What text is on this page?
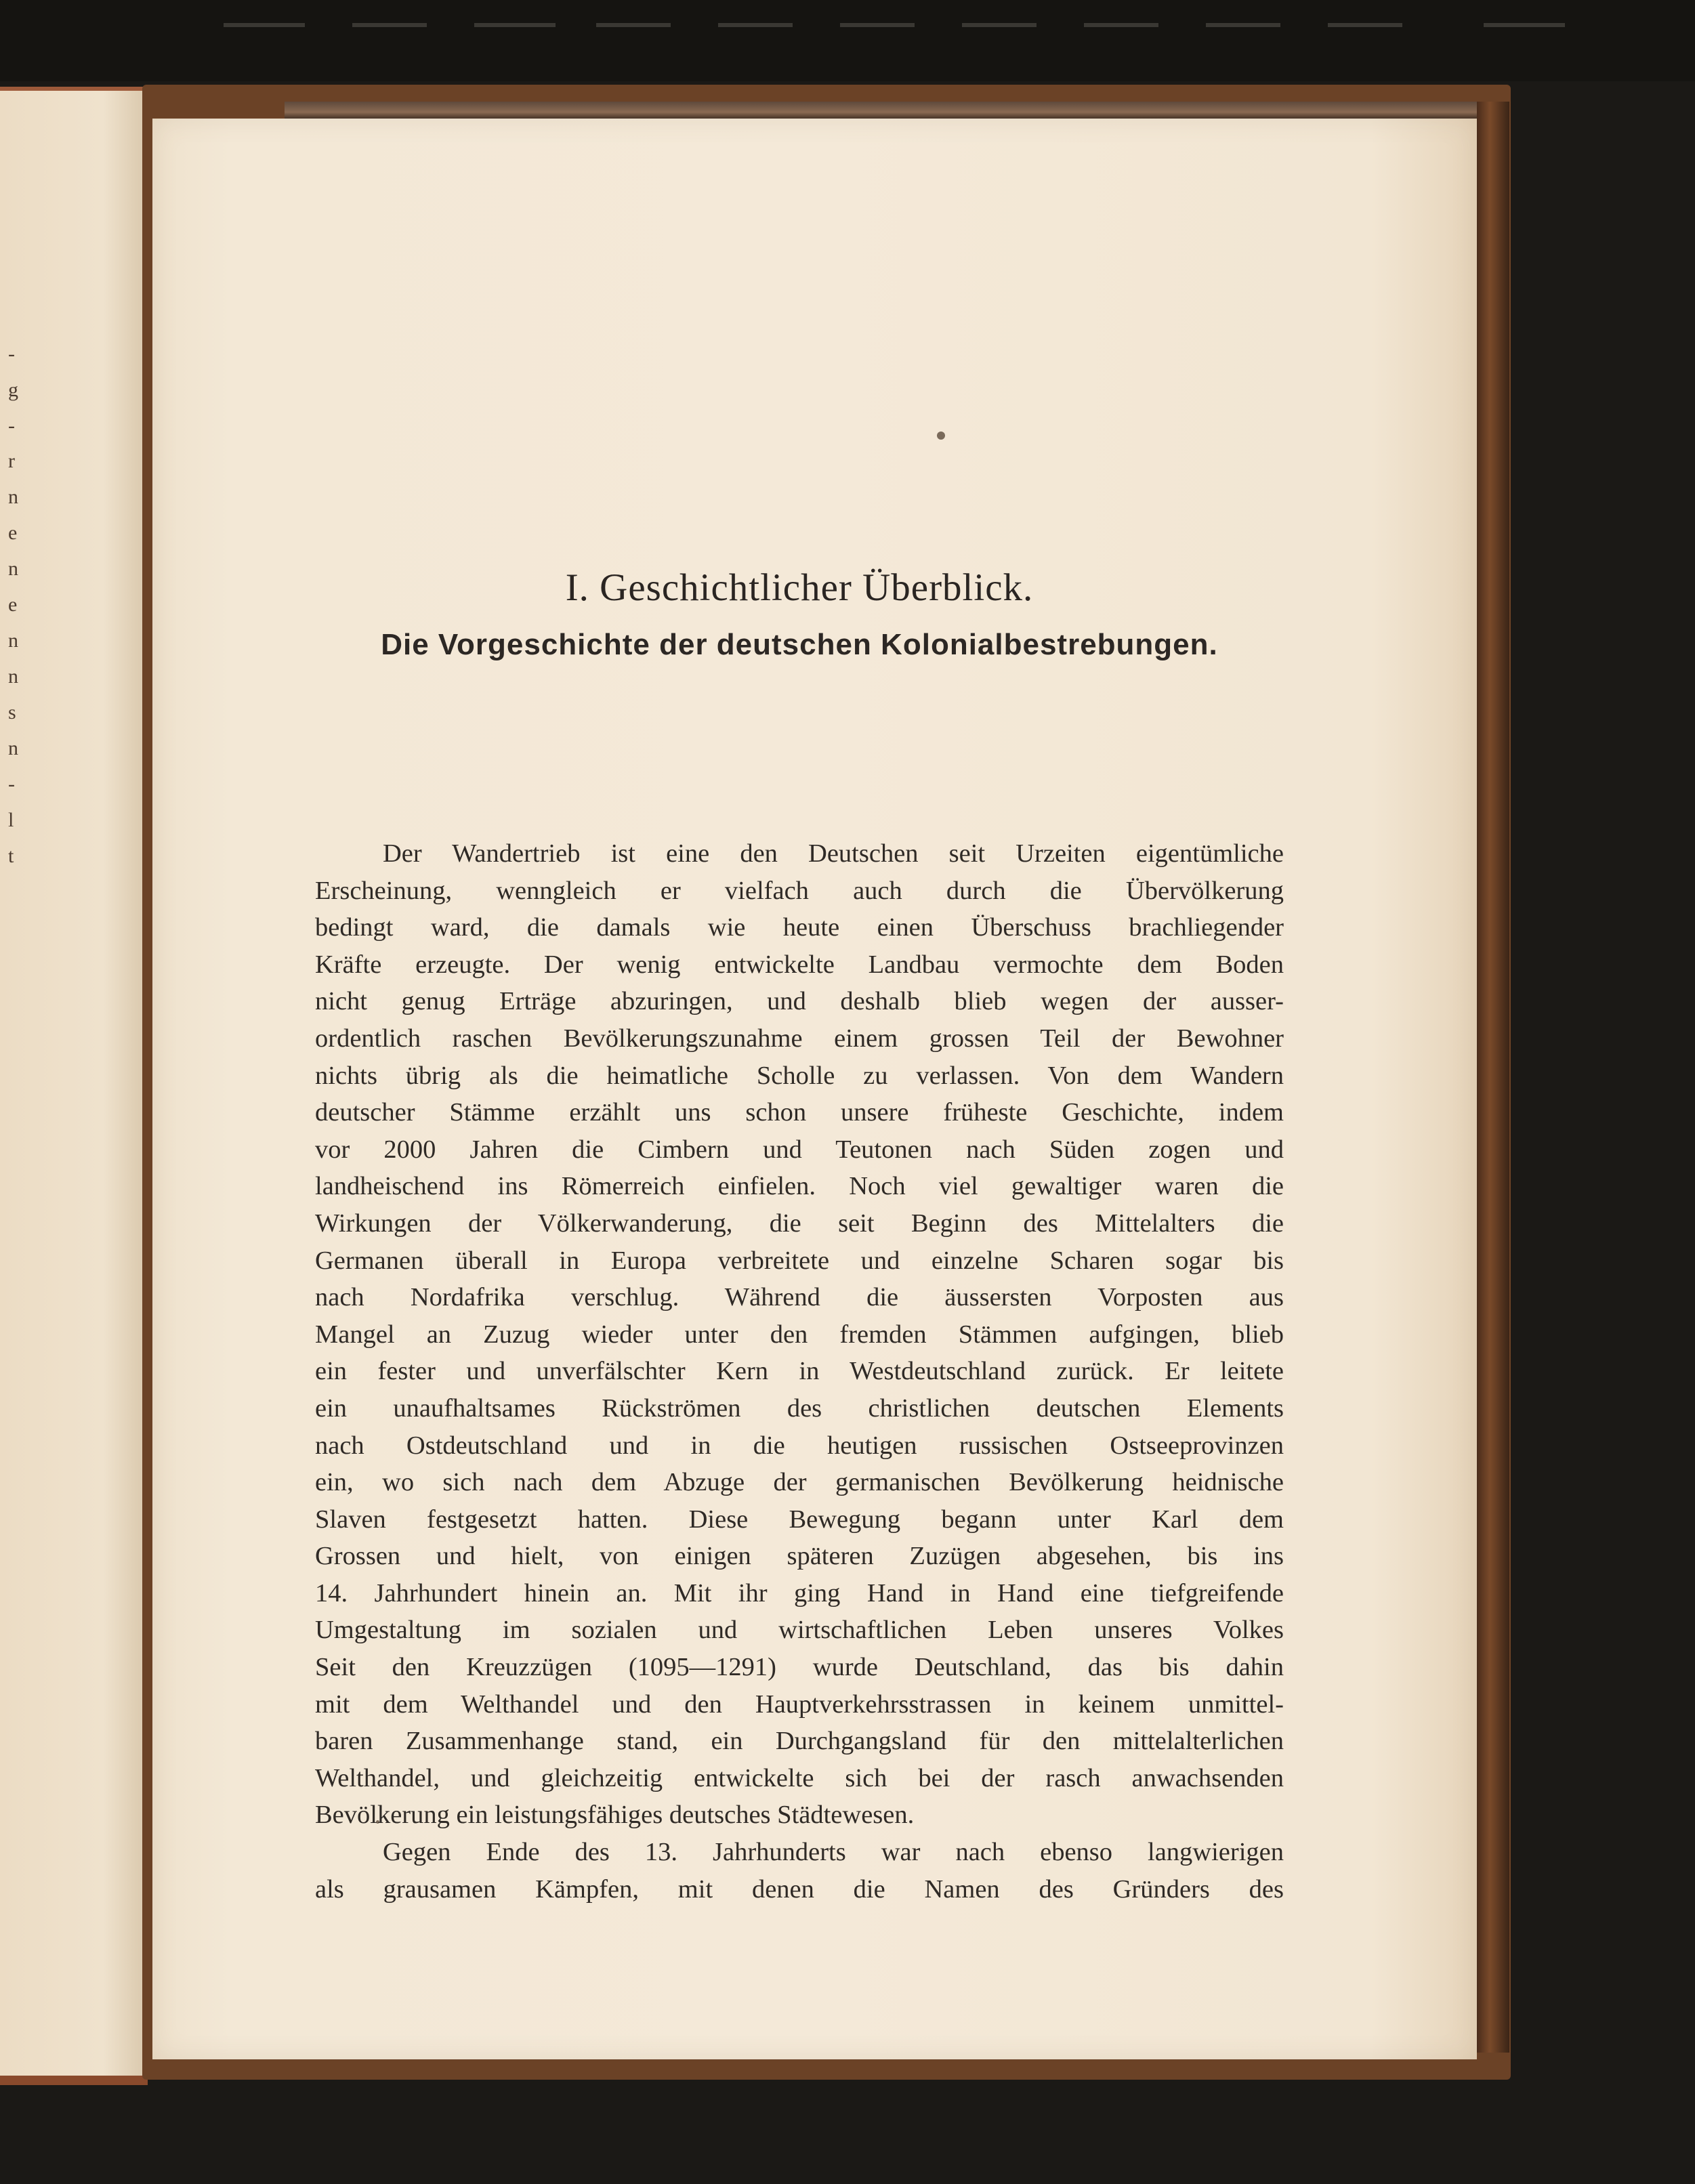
-
g
-
r
n
e
n
e
n
n
s
n
-
l
t
I. Geschichtlicher Überblick.
Die Vorgeschichte der deutschen Kolonialbestrebungen.
Der Wandertrieb ist eine den Deutschen seit Urzeiten eigentümliche
Erscheinung, wenngleich er vielfach auch durch die Übervölkerung
bedingt ward, die damals wie heute einen Überschuss brachliegender
Kräfte erzeugte. Der wenig entwickelte Landbau vermochte dem Boden
nicht genug Erträge abzuringen, und deshalb blieb wegen der ausser-
ordentlich raschen Bevölkerungszunahme einem grossen Teil der Bewohner
nichts übrig als die heimatliche Scholle zu verlassen. Von dem Wandern
deutscher Stämme erzählt uns schon unsere früheste Geschichte, indem
vor 2000 Jahren die Cimbern und Teutonen nach Süden zogen und
landheischend ins Römerreich einfielen. Noch viel gewaltiger waren die
Wirkungen der Völkerwanderung, die seit Beginn des Mittelalters die
Germanen überall in Europa verbreitete und einzelne Scharen sogar bis
nach Nordafrika verschlug. Während die äussersten Vorposten aus
Mangel an Zuzug wieder unter den fremden Stämmen aufgingen, blieb
ein fester und unverfälschter Kern in Westdeutschland zurück. Er leitete
ein unaufhaltsames Rückströmen des christlichen deutschen Elements
nach Ostdeutschland und in die heutigen russischen Ostseeprovinzen
ein, wo sich nach dem Abzuge der germanischen Bevölkerung heidnische
Slaven festgesetzt hatten. Diese Bewegung begann unter Karl dem
Grossen und hielt, von einigen späteren Zuzügen abgesehen, bis ins
14. Jahrhundert hinein an. Mit ihr ging Hand in Hand eine tiefgreifende
Umgestaltung im sozialen und wirtschaftlichen Leben unseres Volkes
Seit den Kreuzzügen (1095—1291) wurde Deutschland, das bis dahin
mit dem Welthandel und den Hauptverkehrsstrassen in keinem unmittel-
baren Zusammenhange stand, ein Durchgangsland für den mittelalterlichen
Welthandel, und gleichzeitig entwickelte sich bei der rasch anwachsenden
Bevölkerung ein leistungsfähiges deutsches Städtewesen.
Gegen Ende des 13. Jahrhunderts war nach ebenso langwierigen
als grausamen Kämpfen, mit denen die Namen des Gründers des
